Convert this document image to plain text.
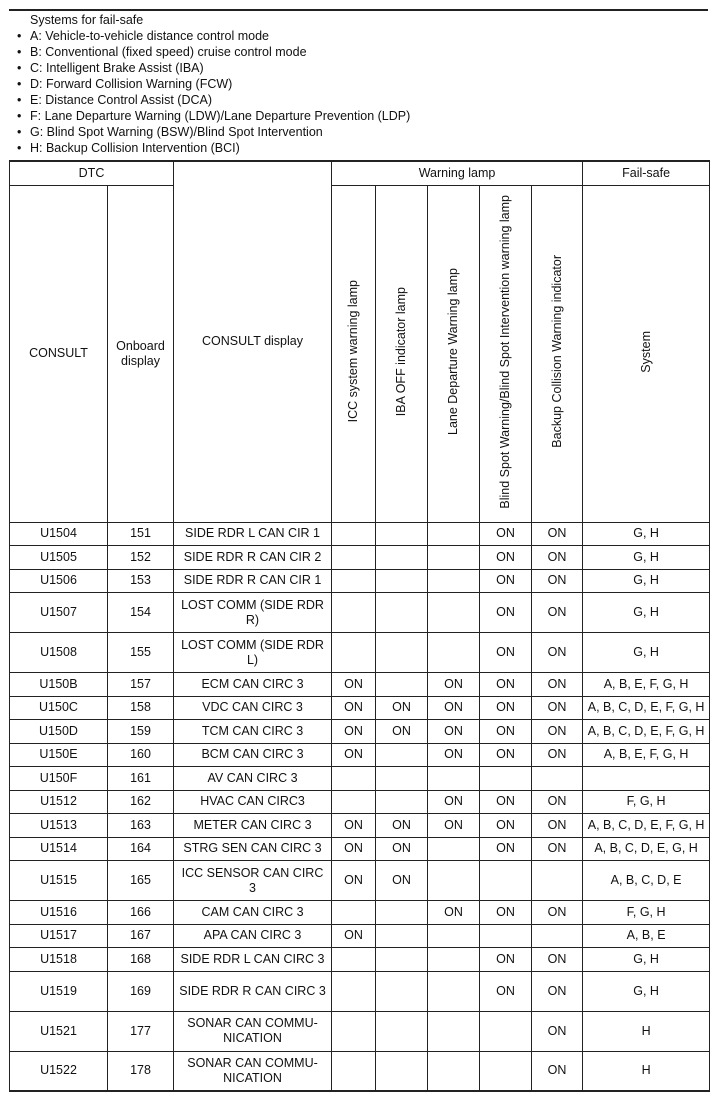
Systems for fail-safe
• A: Vehicle-to-vehicle distance control mode
• B: Conventional (fixed speed) cruise control mode
• C: Intelligent Brake Assist (IBA)
• D: Forward Collision Warning (FCW)
• E: Distance Control Assist (DCA)
• F: Lane Departure Warning (LDW)/Lane Departure Prevention (LDP)
• G: Blind Spot Warning (BSW)/Blind Spot Intervention
• H: Backup Collision Intervention (BCI)
DTC		CONSULT display	Warning lamp					Fail-safe
CONSULT	Onboard display		ICC system warning lamp	IBA OFF indicator lamp	Lane Departure Warning lamp	Blind Spot Warning/Blind Spot Intervention warning lamp	Backup Collision Warning indicator	System
U1504	151	SIDE RDR L CAN CIR 1				ON	ON	G, H
U1505	152	SIDE RDR R CAN CIR 2				ON	ON	G, H
U1506	153	SIDE RDR R CAN CIR 1				ON	ON	G, H
U1507	154	LOST COMM (SIDE RDR R)				ON	ON	G, H
U1508	155	LOST COMM (SIDE RDR L)				ON	ON	G, H
U150B	157	ECM CAN CIRC 3	ON		ON	ON	ON	A, B, E, F, G, H
U150C	158	VDC CAN CIRC 3	ON	ON	ON	ON	ON	A, B, C, D, E, F, G, H
U150D	159	TCM CAN CIRC 3	ON	ON	ON	ON	ON	A, B, C, D, E, F, G, H
U150E	160	BCM CAN CIRC 3	ON		ON	ON	ON	A, B, E, F, G, H
U150F	161	AV CAN CIRC 3						
U1512	162	HVAC CAN CIRC3			ON	ON	ON	F, G, H
U1513	163	METER CAN CIRC 3	ON	ON	ON	ON	ON	A, B, C, D, E, F, G, H
U1514	164	STRG SEN CAN CIRC 3	ON	ON		ON	ON	A, B, C, D, E, G, H
U1515	165	ICC SENSOR CAN CIRC 3	ON	ON				A, B, C, D, E
U1516	166	CAM CAN CIRC 3			ON	ON	ON	F, G, H
U1517	167	APA CAN CIRC 3	ON					A, B, E
U1518	168	SIDE RDR L CAN CIRC 3				ON	ON	G, H
U1519	169	SIDE RDR R CAN CIRC 3				ON	ON	G, H
U1521	177	SONAR CAN COMMU-NICATION					ON	H
U1522	178	SONAR CAN COMMU-NICATION					ON	H
